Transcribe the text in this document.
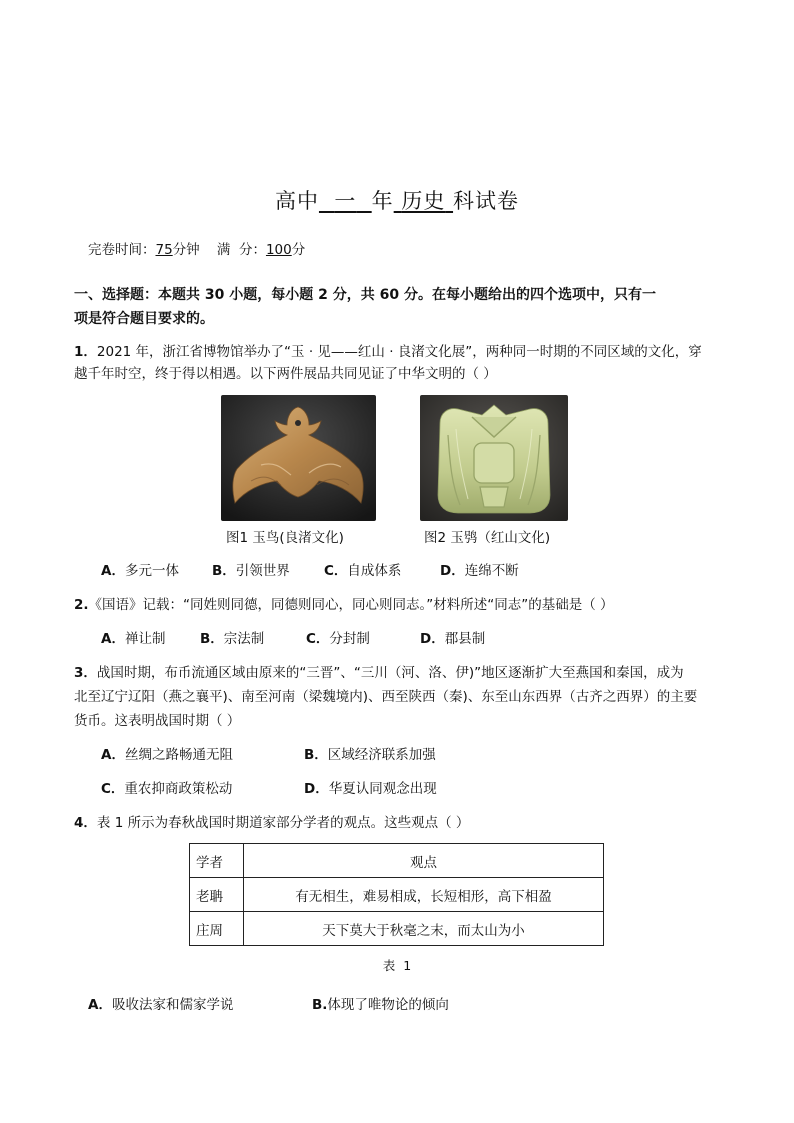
高中 一 年 历史 科试卷
完卷时间：75分钟 满  分：100分
一、选择题：本题共 30 小题，每小题 2 分，共 60 分。在每小题给出的四个选项中，只有一
项是符合题目要求的。
1．2021 年，浙江省博物馆举办了“玉 · 见——红山 · 良渚文化展”，两种同一时期的不同区域的文化，穿
越千年时空，终于得以相遇。以下两件展品共同见证了中华文明的（ ）
图1 玉鸟(良渚文化)	图2 玉鸮（红山文化)
A．多元一体 B．引领世界	C．自成体系	D．连绵不断
2.《国语》记载：“同姓则同德，同德则同心，同心则同志。”材料所述“同志”的基础是（ ）
A．禅让制	B．宗法制	C．分封制	D．郡县制
3．战国时期，布币流通区域由原来的“三晋”、“三川（河、洛、伊)”地区逐渐扩大至燕国和秦国，成为
北至辽宁辽阳（燕之襄平)、南至河南（梁魏境内)、西至陕西（秦)、东至山东西界（古齐之西界）的主要
货币。这表明战国时期（ ）
A．丝绸之路畅通无阻	B．区域经济联系加强
C．重农抑商政策松动	D．华夏认同观念出现
4．表 1 所示为春秋战国时期道家部分学者的观点。这些观点（ ）
学者	观点
老聃	有无相生，难易相成，长短相形，高下相盈
庄周	天下莫大于秋毫之末，而太山为小
表  1
A．吸收法家和儒家学说	B.体现了唯物论的倾向
